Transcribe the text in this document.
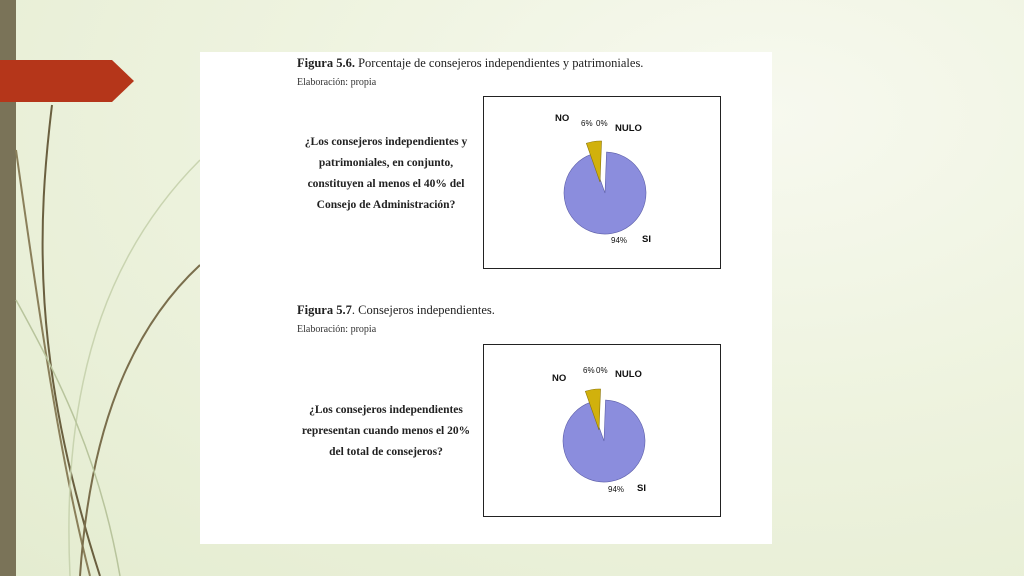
Figura 5.6. Porcentaje de consejeros independientes y patrimoniales.
Elaboración: propia
¿Los consejeros independientes y patrimoniales, en conjunto, constituyen al menos el 40% del Consejo de Administración?
NO 6% 0% NULO
94% SI
Figura 5.7. Consejeros independientes.
Elaboración: propia
¿Los consejeros independientes representan cuando menos el 20% del total de consejeros?
NO
6% 0% NULO
94% SI
